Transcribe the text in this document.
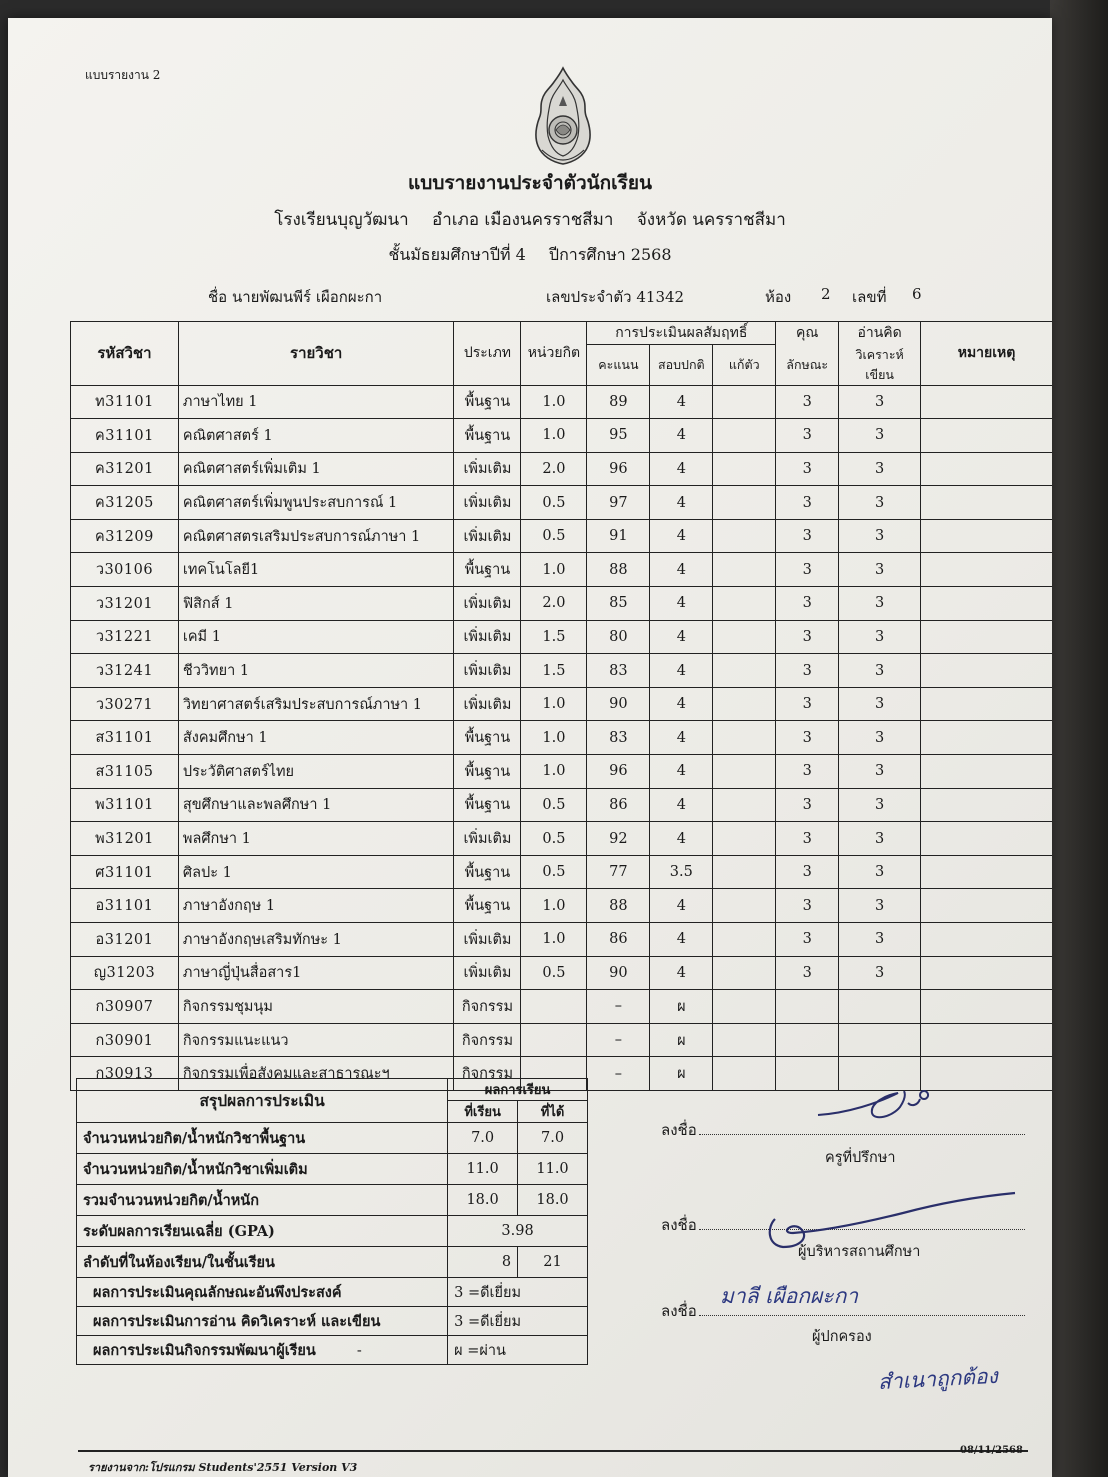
แบบรายงาน 2
แบบรายงานประจำตัวนักเรียน
โรงเรียนบุญวัฒนา อำเภอ เมืองนครราชสีมา จังหวัด นครราชสีมา
ชั้นมัธยมศึกษาปีที่ 4 ปีการศึกษา 2568
ชื่อ นายพัฒนพีร์ เผือกผะกา	เลขประจำตัว 41342	ห้อง 2 เลขที่ 6
รหัสวิชา	รายวิชา	ประเภท	หน่วยกิต	การประเมินผลสัมฤทธิ์			คุณ	อ่านคิด	หมายเหตุ
				คะแนน	สอบปกติ	แก้ตัว	ลักษณะ	วิเคราะห์เขียน	
ท31101	ภาษาไทย 1	พื้นฐาน	1.0	89	4		3	3	
ค31101	คณิตศาสตร์ 1	พื้นฐาน	1.0	95	4		3	3	
ค31201	คณิตศาสตร์เพิ่มเติม 1	เพิ่มเติม	2.0	96	4		3	3	
ค31205	คณิตศาสตร์เพิ่มพูนประสบการณ์ 1	เพิ่มเติม	0.5	97	4		3	3	
ค31209	คณิตศาสตรเสริมประสบการณ์ภาษา 1	เพิ่มเติม	0.5	91	4		3	3	
ว30106	เทคโนโลยี1	พื้นฐาน	1.0	88	4		3	3	
ว31201	ฟิสิกส์ 1	เพิ่มเติม	2.0	85	4		3	3	
ว31221	เคมี 1	เพิ่มเติม	1.5	80	4		3	3	
ว31241	ชีววิทยา 1	เพิ่มเติม	1.5	83	4		3	3	
ว30271	วิทยาศาสตร์เสริมประสบการณ์ภาษา 1	เพิ่มเติม	1.0	90	4		3	3	
ส31101	สังคมศึกษา 1	พื้นฐาน	1.0	83	4		3	3	
ส31105	ประวัติศาสตร์ไทย	พื้นฐาน	1.0	96	4		3	3	
พ31101	สุขศึกษาและพลศึกษา 1	พื้นฐาน	0.5	86	4		3	3	
พ31201	พลศึกษา 1	เพิ่มเติม	0.5	92	4		3	3	
ศ31101	ศิลปะ 1	พื้นฐาน	0.5	77	3.5		3	3	
อ31101	ภาษาอังกฤษ 1	พื้นฐาน	1.0	88	4		3	3	
อ31201	ภาษาอังกฤษเสริมทักษะ 1	เพิ่มเติม	1.0	86	4		3	3	
ญ31203	ภาษาญี่ปุ่นสื่อสาร1	เพิ่มเติม	0.5	90	4		3	3	
ก30907	กิจกรรมชุมนุม	กิจกรรม		–	ผ				
ก30901	กิจกรรมแนะแนว	กิจกรรม		–	ผ				
ก30913	กิจกรรมเพื่อสังคมและสาธารณะฯ	กิจกรรม		–	ผ				
สรุปผลการประเมิน	ผลการเรียน	
	ที่เรียน	ที่ได้
จำนวนหน่วยกิต/น้ำหนักวิชาพื้นฐาน	7.0	7.0
จำนวนหน่วยกิต/น้ำหนักวิชาเพิ่มเติม	11.0	11.0
รวมจำนวนหน่วยกิต/น้ำหนัก	18.0	18.0
ระดับผลการเรียนเฉลี่ย (GPA)	3.98	
ลำดับที่ในห้องเรียน/ในชั้นเรียน	8	21
ผลการประเมินคุณลักษณะอันพึงประสงค์	3 =ดีเยี่ยม	
ผลการประเมินการอ่าน คิดวิเคราะห์ และเขียน	3 =ดีเยี่ยม	
ผลการประเมินกิจกรรมพัฒนาผู้เรียน -	ผ =ผ่าน	
ลงชื่อ
ครูที่ปรึกษา
ลงชื่อ
ผู้บริหารสถานศึกษา
ลงชื่อ
มาลี เผือกผะกา
ผู้ปกครอง
สำเนาถูกต้อง
รายงานจาก:โปรแกรม Students'2551 Version V3
08/11/2568
